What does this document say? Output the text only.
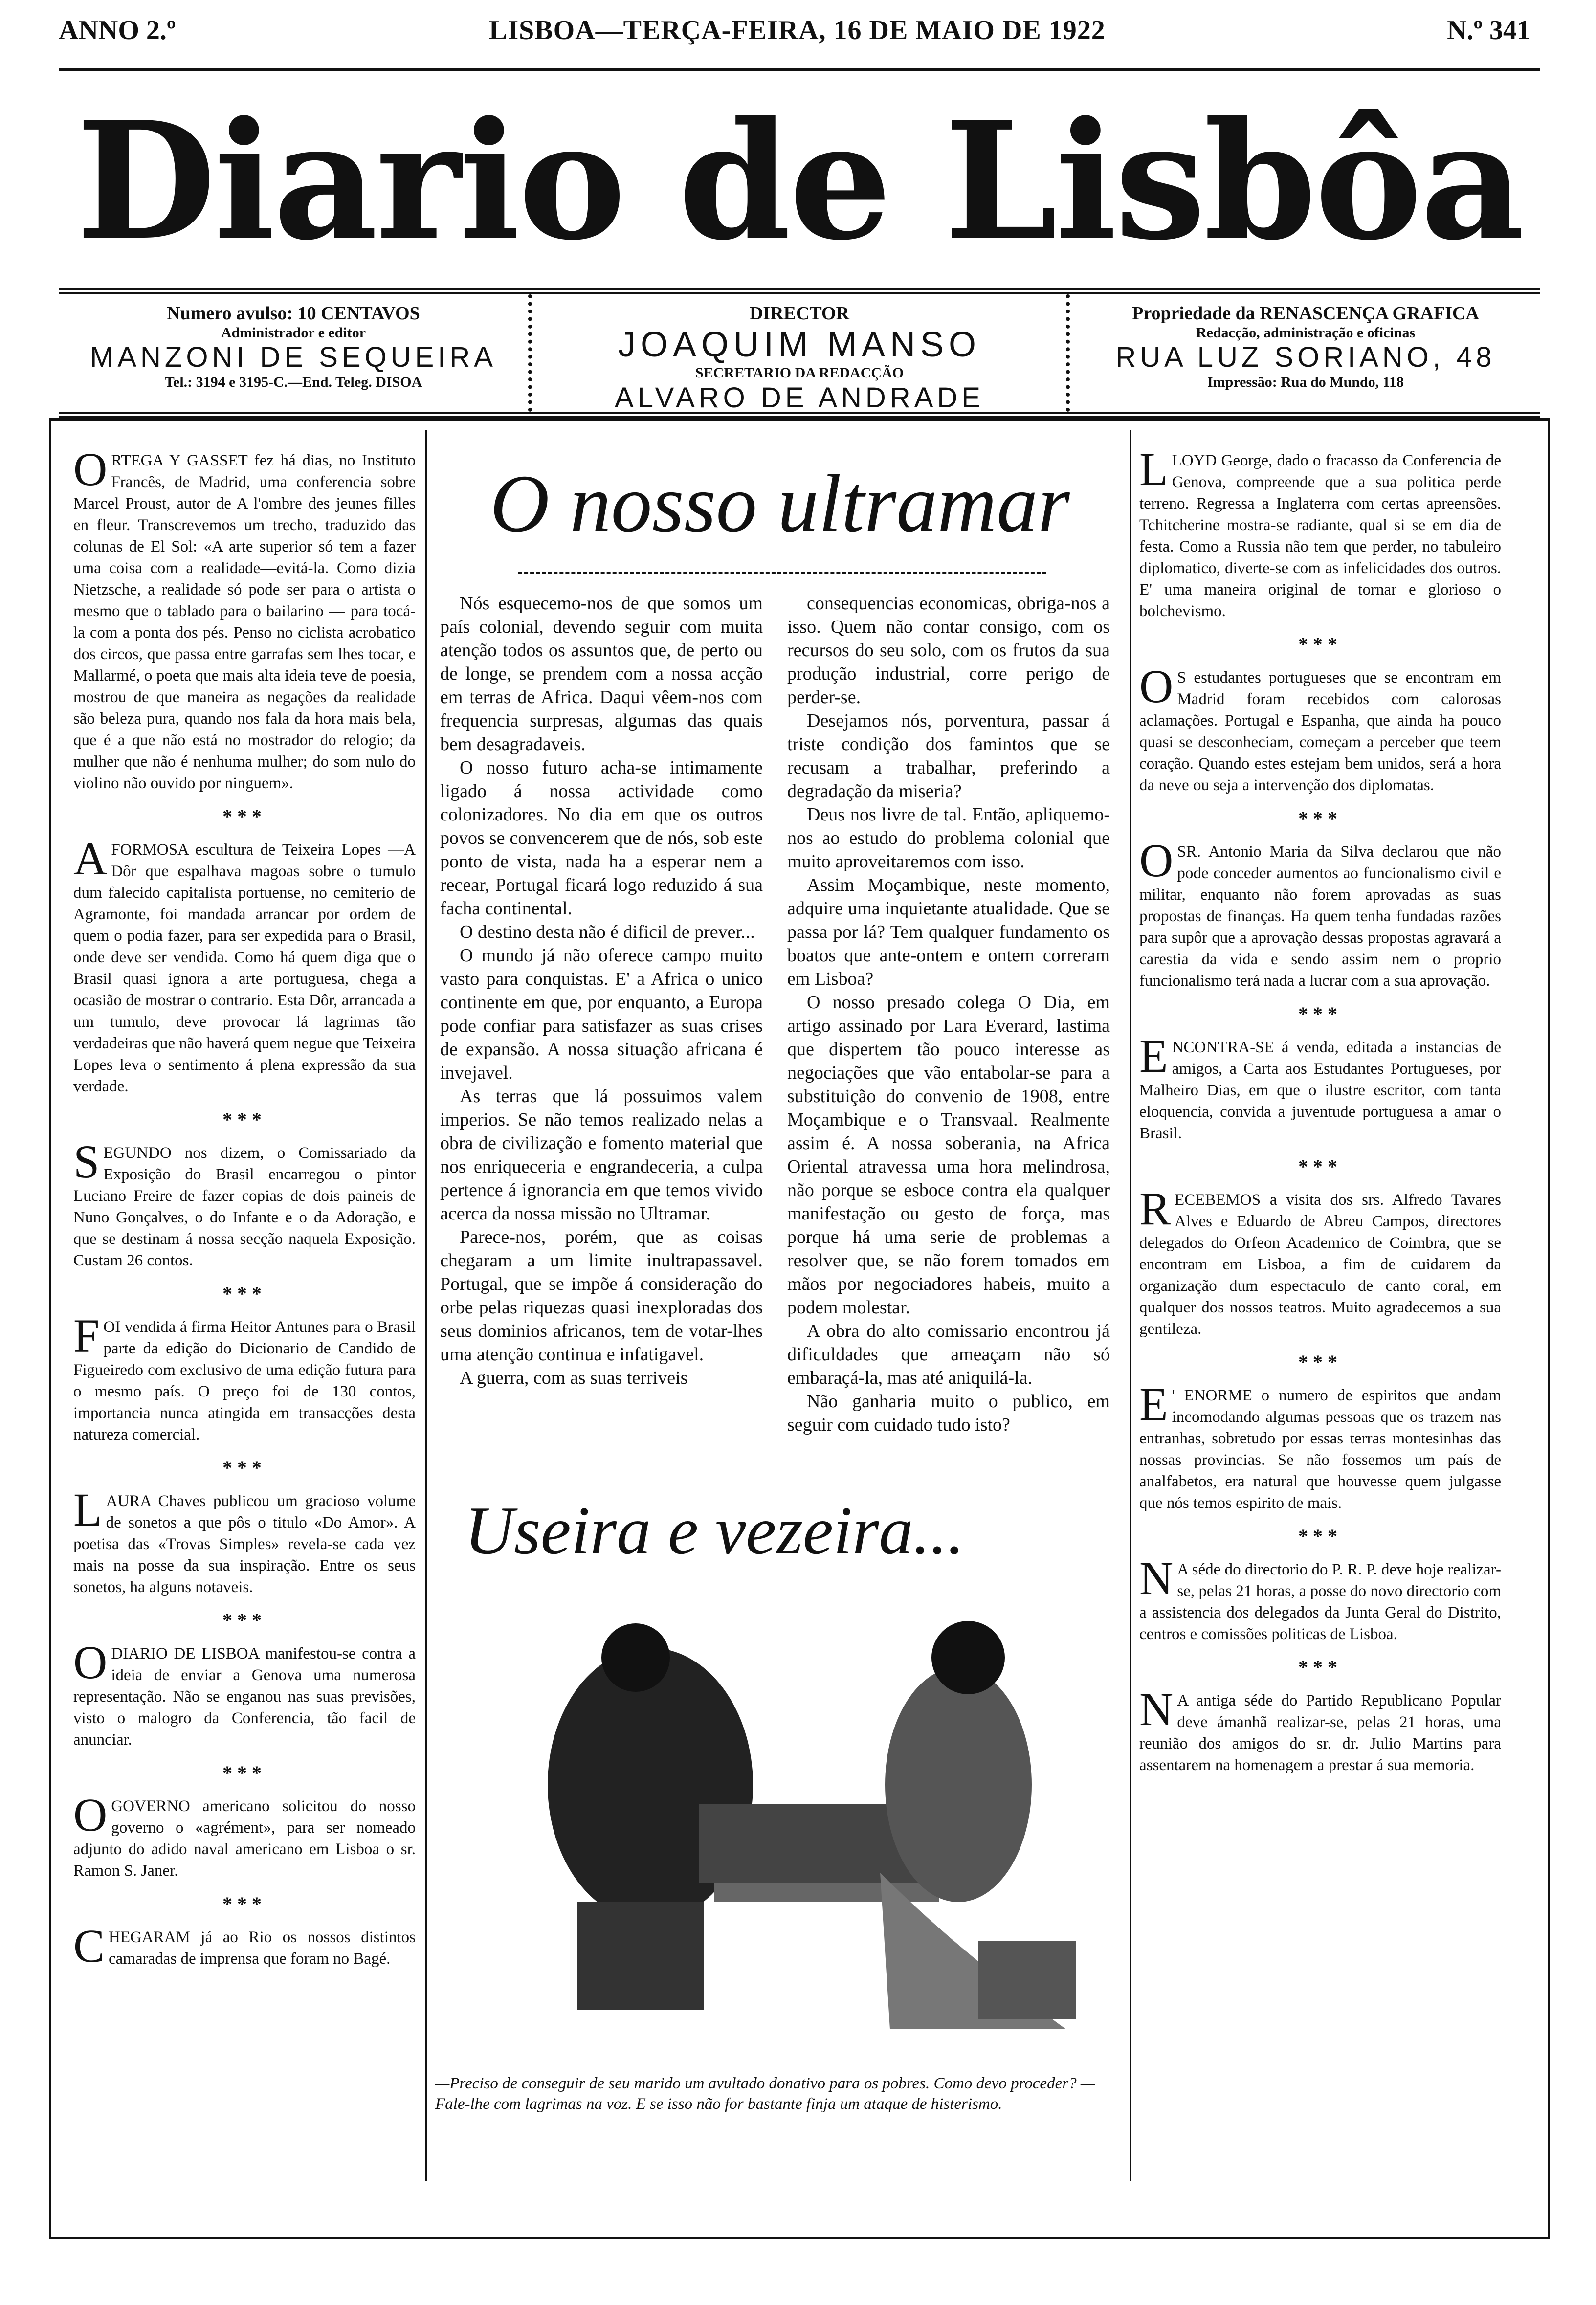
ANNO 2.º	LISBOA—TERÇA-FEIRA, 16 DE MAIO DE 1922	N.º 341
Diario de Lisbôa
Numero avulso: 10 CENTAVOS
Administrador e editor
MANZONI DE SEQUEIRA
Tel.: 3194 e 3195-C.—End. Teleg. DISOA
DIRECTOR
JOAQUIM MANSO
SECRETARIO DA REDACÇÃO
ALVARO DE ANDRADE
Propriedade da RENASCENÇA GRAFICA
Redacção, administração e oficinas
RUA LUZ SORIANO, 48
Impressão: Rua do Mundo, 118
ORTEGA Y GASSET fez há dias, no Instituto Francês, de Madrid, uma conferencia sobre Marcel Proust, autor de A l'ombre des jeunes filles en fleur. Transcrevemos um trecho, traduzido das colunas de El Sol: «A arte superior só tem a fazer uma coisa com a realidade—evitá-la. Como dizia Nietzsche, a realidade só pode ser para o artista o mesmo que o tablado para o bailarino — para tocá-la com a ponta dos pés. Penso no ciclista acrobatico dos circos, que passa entre garrafas sem lhes tocar, e Mallarmé, o poeta que mais alta ideia teve de poesia, mostrou de que maneira as negações da realidade são beleza pura, quando nos fala da hora mais bela, que é a que não está no mostrador do relogio; da mulher que não é nenhuma mulher; do som nulo do violino não ouvido por ninguem».
***
AFORMOSA escultura de Teixeira Lopes —A Dôr que espalhava magoas sobre o tumulo dum falecido capitalista portuense, no cemiterio de Agramonte, foi mandada arrancar por ordem de quem o podia fazer, para ser expedida para o Brasil, onde deve ser vendida. Como há quem diga que o Brasil quasi ignora a arte portuguesa, chega a ocasião de mostrar o contrario. Esta Dôr, arrancada a um tumulo, deve provocar lá lagrimas tão verdadeiras que não haverá quem negue que Teixeira Lopes leva o sentimento á plena expressão da sua verdade.
***
SEGUNDO nos dizem, o Comissariado da Exposição do Brasil encarregou o pintor Luciano Freire de fazer copias de dois paineis de Nuno Gonçalves, o do Infante e o da Adoração, e que se destinam á nossa secção naquela Exposição. Custam 26 contos.
***
FOI vendida á firma Heitor Antunes para o Brasil parte da edição do Dicionario de Candido de Figueiredo com exclusivo de uma edição futura para o mesmo país. O preço foi de 130 contos, importancia nunca atingida em transacções desta natureza comercial.
***
LAURA Chaves publicou um gracioso volume de sonetos a que pôs o titulo «Do Amor». A poetisa das «Trovas Simples» revela-se cada vez mais na posse da sua inspiração. Entre os seus sonetos, ha alguns notaveis.
***
ODIARIO DE LISBOA manifestou-se contra a ideia de enviar a Genova uma numerosa representação. Não se enganou nas suas previsões, visto o malogro da Conferencia, tão facil de anunciar.
***
OGOVERNO americano solicitou do nosso governo o «agrément», para ser nomeado adjunto do adido naval americano em Lisboa o sr. Ramon S. Janer.
***
CHEGARAM já ao Rio os nossos distintos camaradas de imprensa que foram no Bagé.
O nosso ultramar

Nós esquecemo-nos de que somos um país colonial, devendo seguir com muita atenção todos os assuntos que, de perto ou de longe, se prendem com a nossa acção em terras de Africa. Daqui vêem-nos com frequencia surpresas, algumas das quais bem desagradaveis.

O nosso futuro acha-se intimamente ligado á nossa actividade como colonizadores. No dia em que os outros povos se convencerem que de nós, sob este ponto de vista, nada ha a esperar nem a recear, Portugal ficará logo reduzido á sua facha continental.

O destino desta não é dificil de prever...

O mundo já não oferece campo muito vasto para conquistas. E' a Africa o unico continente em que, por enquanto, a Europa pode confiar para satisfazer as suas crises de expansão. A nossa situação africana é invejavel.

As terras que lá possuimos valem imperios. Se não temos realizado nelas a obra de civilização e fomento material que nos enriqueceria e engrandeceria, a culpa pertence á ignorancia em que temos vivido acerca da nossa missão no Ultramar.

Parece-nos, porém, que as coisas chegaram a um limite inultrapassavel. Portugal, que se impõe á consideração do orbe pelas riquezas quasi inexploradas dos seus dominios africanos, tem de votar-lhes uma atenção continua e infatigavel.

A guerra, com as suas terriveis

consequencias economicas, obriga-nos a isso. Quem não contar consigo, com os recursos do seu solo, com os frutos da sua produção industrial, corre perigo de perder-se.

Desejamos nós, porventura, passar á triste condição dos famintos que se recusam a trabalhar, preferindo a degradação da miseria?

Deus nos livre de tal. Então, apliquemo-nos ao estudo do problema colonial que muito aproveitaremos com isso.

Assim Moçambique, neste momento, adquire uma inquietante atualidade. Que se passa por lá? Tem qualquer fundamento os boatos que ante-ontem e ontem correram em Lisboa?

O nosso presado colega O Dia, em artigo assinado por Lara Everard, lastima que dispertem tão pouco interesse as negociações que vão entabolar-se para a substituição do convenio de 1908, entre Moçambique e o Transvaal. Realmente assim é. A nossa soberania, na Africa Oriental atravessa uma hora melindrosa, não porque se esboce contra ela qualquer manifestação ou gesto de força, mas porque há uma serie de problemas a resolver que, se não forem tomados em mãos por negociadores habeis, muito a podem molestar.

A obra do alto comissario encontrou já dificuldades que ameaçam não só embaraçá-la, mas até aniquilá-la.

Não ganharia muito o publico, em seguir com cuidado tudo isto?

Useira e vezeira...
—Preciso de conseguir de seu marido um avultado donativo para os pobres. Como devo proceder? —Fale-lhe com lagrimas na voz. E se isso não for bastante finja um ataque de histerismo.
LLOYD George, dado o fracasso da Conferencia de Genova, compreende que a sua politica perde terreno. Regressa a Inglaterra com certas apreensões. Tchitcherine mostra-se radiante, qual si se em dia de festa. Como a Russia não tem que perder, no tabuleiro diplomatico, diverte-se com as infelicidades dos outros. E' uma maneira original de tornar e glorioso o bolchevismo.
***
O S estudantes portugueses que se encontram em Madrid foram recebidos com calorosas aclamações. Portugal e Espanha, que ainda ha pouco quasi se desconheciam, começam a perceber que teem coração. Quando estes estejam bem unidos, será a hora da neve ou seja a intervenção dos diplomatas.
***
OSR. Antonio Maria da Silva declarou que não pode conceder aumentos ao funcionalismo civil e militar, enquanto não forem aprovadas as suas propostas de finanças. Ha quem tenha fundadas razões para supôr que a aprovação dessas propostas agravará a carestia da vida e sendo assim nem o proprio funcionalismo terá nada a lucrar com a sua aprovação.
***
ENCONTRA-SE á venda, editada a instancias de amigos, a Carta aos Estudantes Portugueses, por Malheiro Dias, em que o ilustre escritor, com tanta eloquencia, convida a juventude portuguesa a amar o Brasil.
***
RECEBEMOS a visita dos srs. Alfredo Tavares Alves e Eduardo de Abreu Campos, directores delegados do Orfeon Academico de Coimbra, que se encontram em Lisboa, a fim de cuidarem da organização dum espectaculo de canto coral, em qualquer dos nossos teatros. Muito agradecemos a sua gentileza.
***
E ' ENORME o numero de espiritos que andam incomodando algumas pessoas que os trazem nas entranhas, sobretudo por essas terras montesinhas das nossas provincias. Se não fossemos um país de analfabetos, era natural que houvesse quem julgasse que nós temos espirito de mais.
***
N A séde do directorio do P. R. P. deve hoje realizar-se, pelas 21 horas, a posse do novo directorio com a assistencia dos delegados da Junta Geral do Distrito, centros e comissões politicas de Lisboa.
***
N A antiga séde do Partido Republicano Popular deve ámanhã realizar-se, pelas 21 horas, uma reunião dos amigos do sr. dr. Julio Martins para assentarem na homenagem a prestar á sua memoria.
